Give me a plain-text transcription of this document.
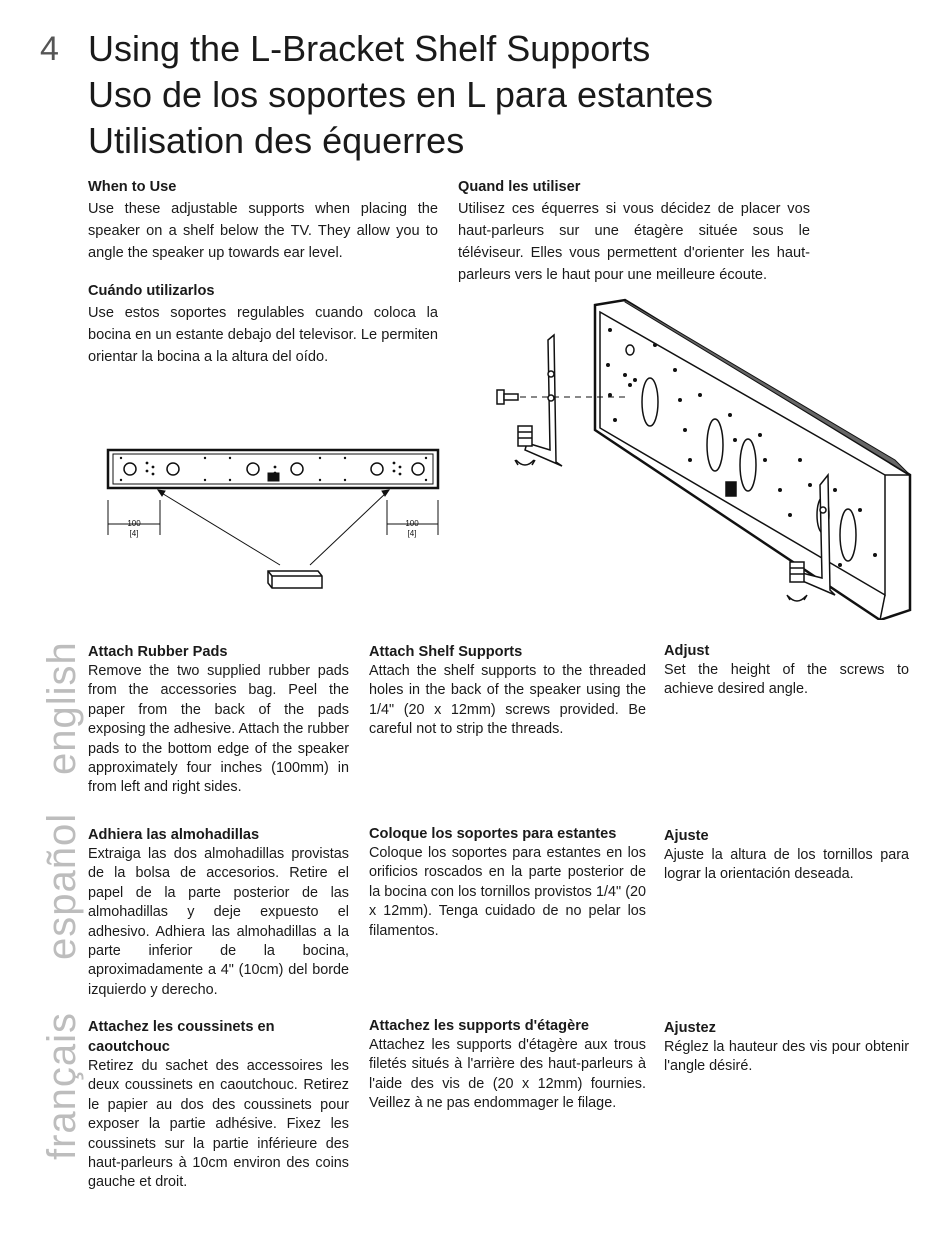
4 Using the L-Bracket Shelf Supports
Uso de los soportes en L para estantes
Utilisation des équerres
When to Use

Use these adjustable supports when placing the speaker on a shelf below the TV. They allow you to angle the speaker up towards ear level.

Cuándo utilizarlos

Use estos soportes regulables cuando coloca la bocina en un estante debajo del televisor. Le permiten orientar la bocina a la altura del oído.

Quand les utiliser

Utilisez ces équerres si vous décidez de placer vos haut-parleurs sur une étagère située sous le téléviseur. Elles vous permettent d'orienter les haut-parleurs vers le haut pour une meilleure écoute.

100
[4]
100
[4]
english
español
français
Attach Rubber Pads

Remove the two supplied rubber pads from the accessories bag. Peel the paper from the back of the pads exposing the adhesive. Attach the rubber pads to the bottom edge of the speaker approximately four inches (100mm) in from left and right sides.

Attach Shelf Supports

Attach the shelf supports to the threaded holes in the back of the speaker using the 1/4" (20 x 12mm) screws provided. Be careful not to strip the threads.

Adjust

Set the height of the screws to achieve desired angle.

Adhiera las almohadillas

Extraiga las dos almohadillas provistas de la bolsa de accesorios. Retire el papel de la parte posterior de las almohadillas y deje expuesto el adhesivo. Adhiera las almohadillas a la parte inferior de la bocina, aproximadamente a 4" (10cm) del borde izquierdo y derecho.

Coloque los soportes para estantes

Coloque los soportes para estantes en los orificios roscados en la parte posterior de la bocina con los tornillos provistos 1/4" (20 x 12mm). Tenga cuidado de no pelar los filamentos.

Ajuste

Ajuste la altura de los tornillos para lograr la orientación deseada.

Attachez les coussinets en caoutchouc

Retirez du sachet des accessoires les deux coussinets en caoutchouc. Retirez le papier au dos des coussinets pour exposer la partie adhésive. Fixez les coussinets sur la partie inférieure des haut-parleurs à 10cm environ des coins gauche et droit.

Attachez les supports d'étagère

Attachez les supports d'étagère aux trous filetés situés à l'arrière des haut-parleurs à l'aide des vis de (20 x 12mm) fournies. Veillez à ne pas endommager le filage.

Ajustez

Réglez la hauteur des vis pour obtenir l'angle désiré.
